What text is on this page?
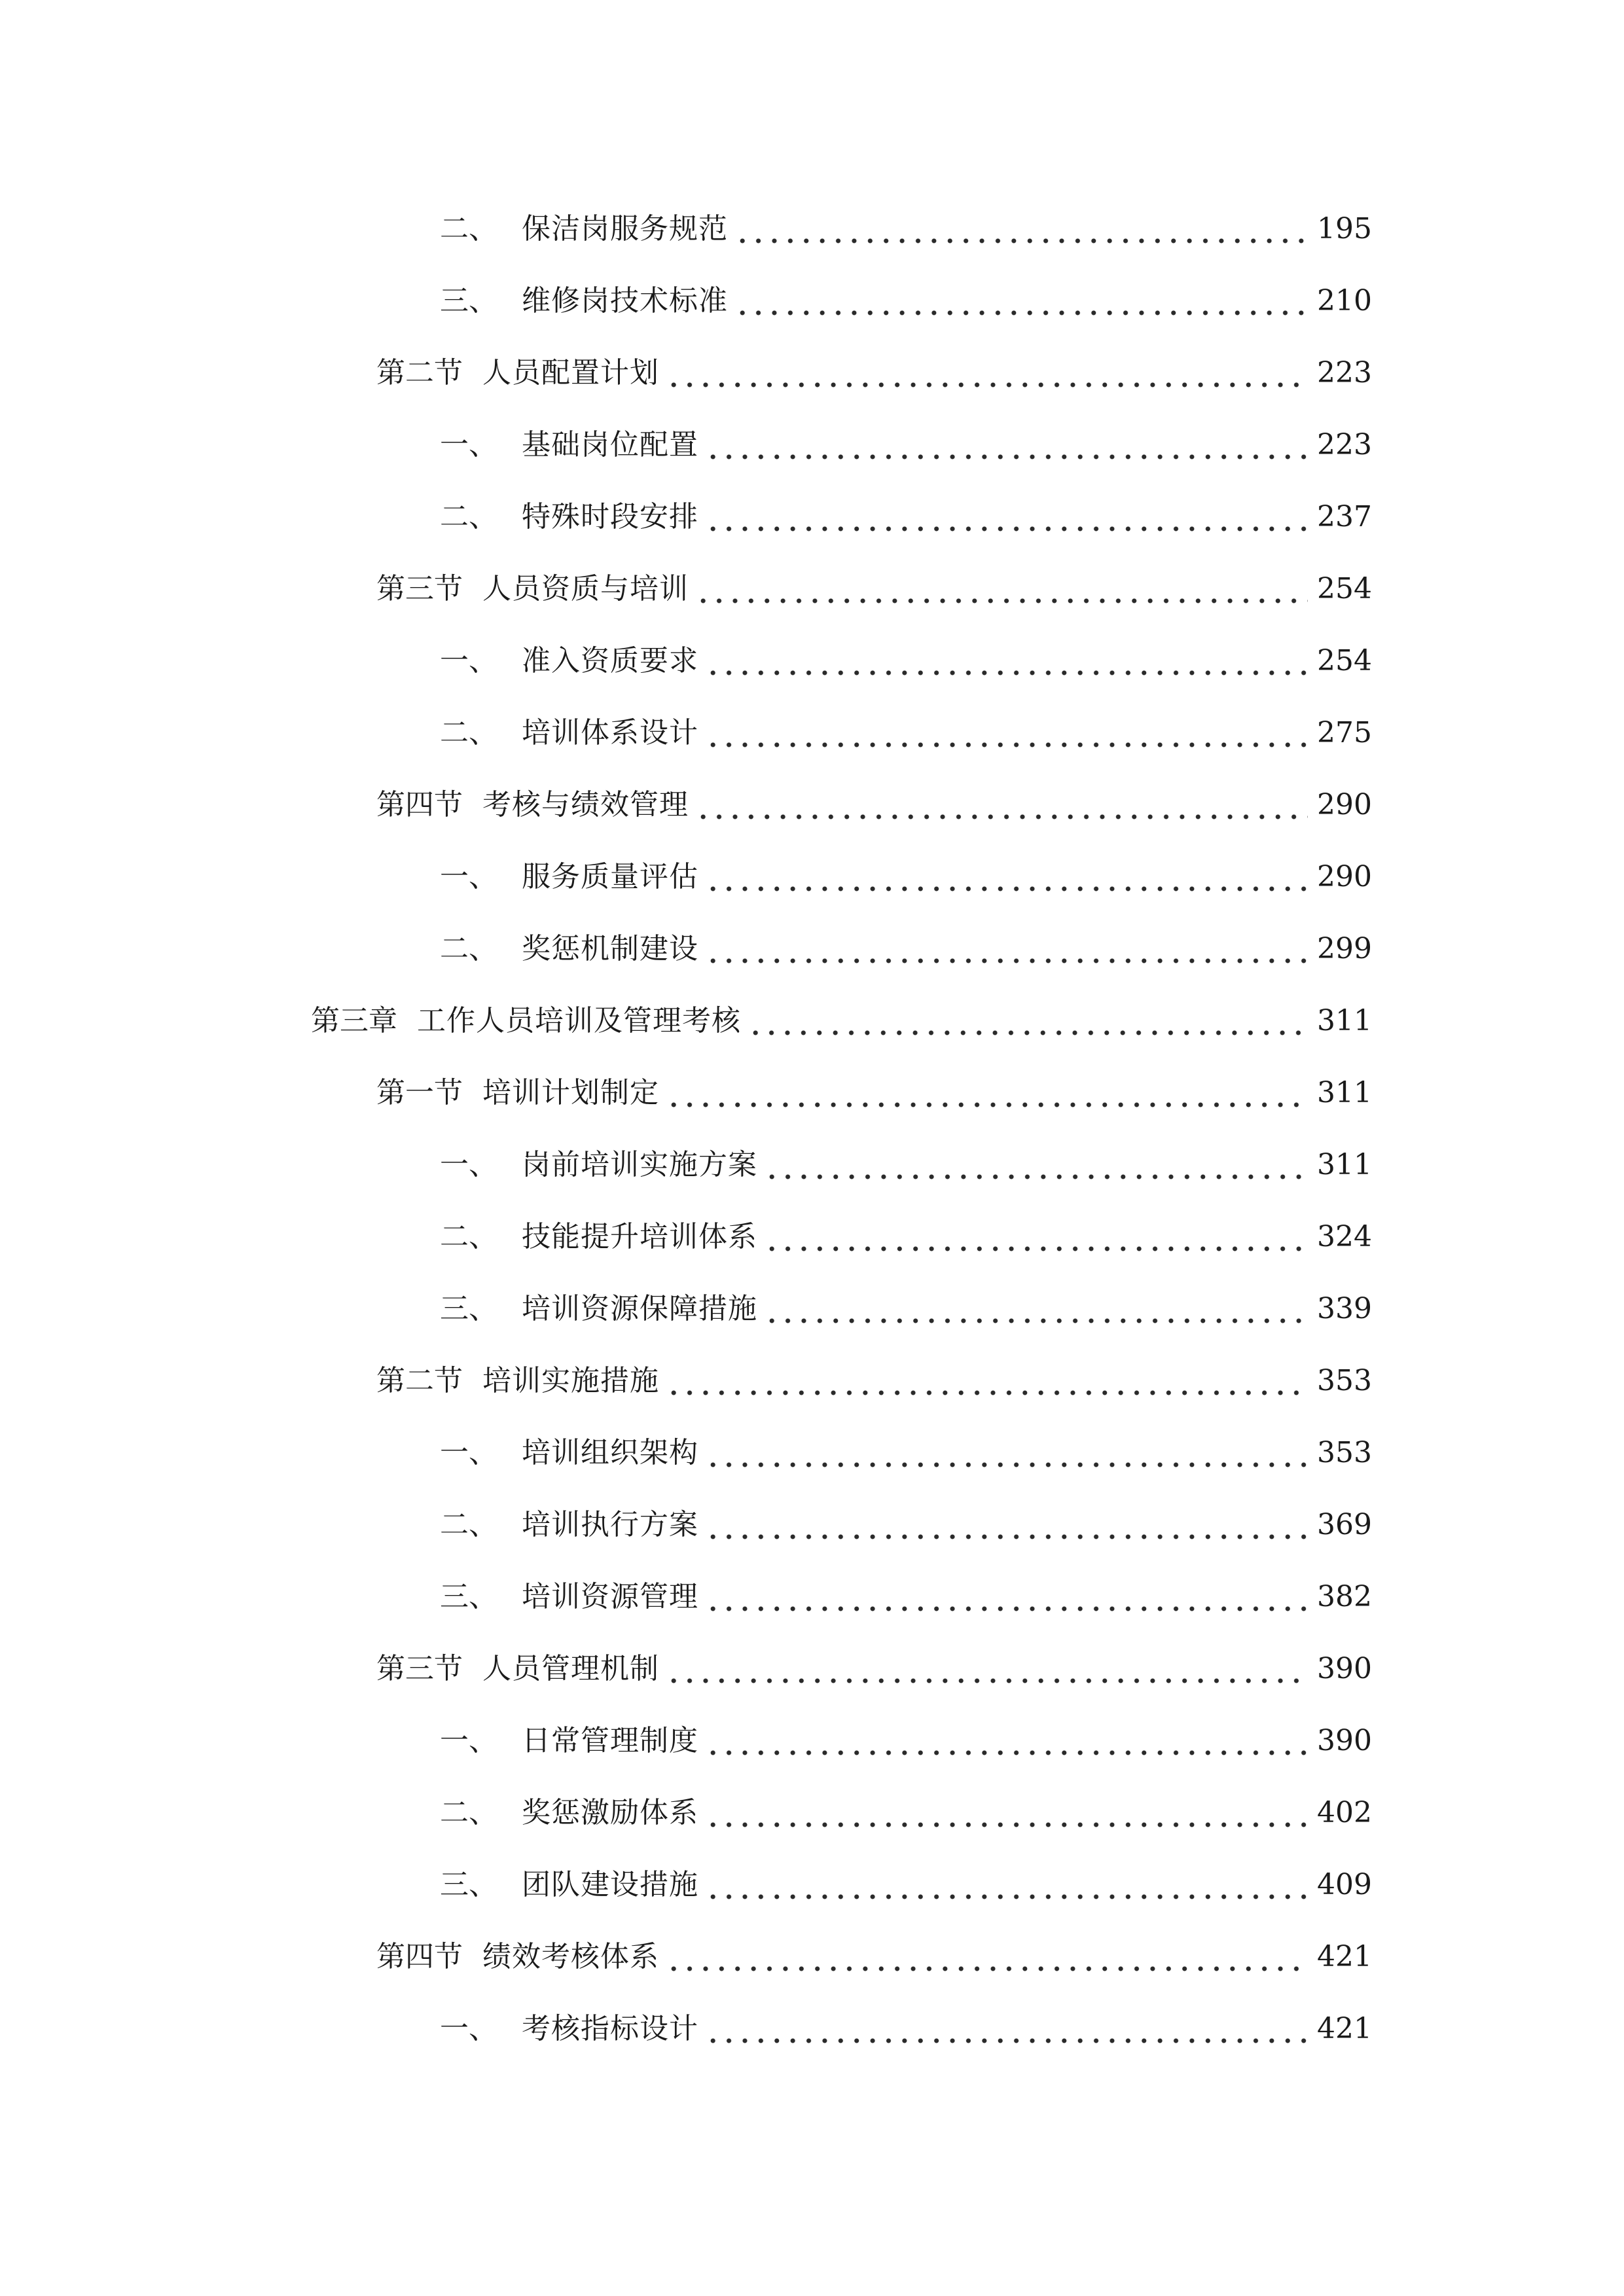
二、 保洁岗服务规范	195
三、 维修岗技术标准	210
第二节 人员配置计划	223
一、 基础岗位配置	223
二、 特殊时段安排	237
第三节 人员资质与培训	254
一、 准入资质要求	254
二、 培训体系设计	275
第四节 考核与绩效管理	290
一、 服务质量评估	290
二、 奖惩机制建设	299
第三章 工作人员培训及管理考核	311
第一节 培训计划制定	311
一、 岗前培训实施方案	311
二、 技能提升培训体系	324
三、 培训资源保障措施	339
第二节 培训实施措施	353
一、 培训组织架构	353
二、 培训执行方案	369
三、 培训资源管理	382
第三节 人员管理机制	390
一、 日常管理制度	390
二、 奖惩激励体系	402
三、 团队建设措施	409
第四节 绩效考核体系	421
一、 考核指标设计	421
